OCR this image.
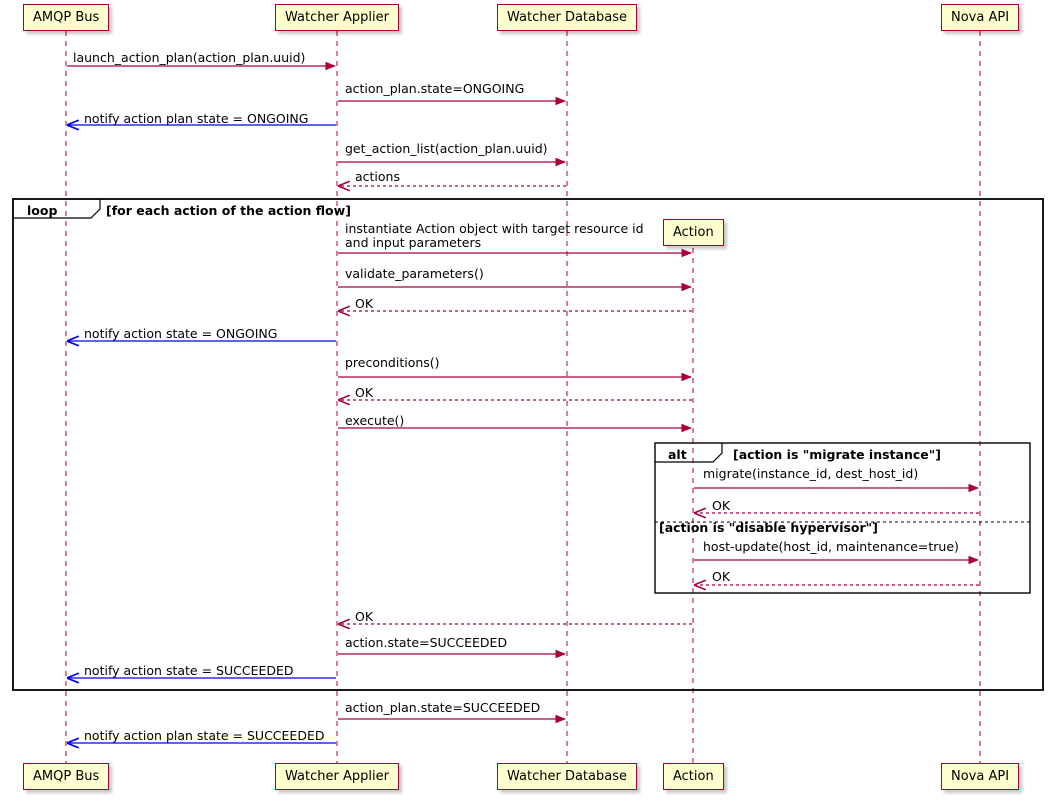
AMQP Bus
AMQP Bus
Watcher Applier
Watcher Applier
Watcher Database
Watcher Database
Action
Action
Nova API
Nova API
loop	[for each action of the action flow]
alt	[action is "migrate instance"]
[action is "disable hypervisor"]
launch_action_plan(action_plan.uuid)
action_plan.state=ONGOING
notify action plan state = ONGOING
get_action_list(action_plan.uuid)
actions
instantiate Action object with target resource id
and input parameters
validate_parameters()
OK
notify action state = ONGOING
preconditions()
OK
execute()
migrate(instance_id, dest_host_id)
OK
host-update(host_id, maintenance=true)
OK
OK
action.state=SUCCEEDED
notify action state = SUCCEEDED
action_plan.state=SUCCEEDED
notify action plan state = SUCCEEDED
